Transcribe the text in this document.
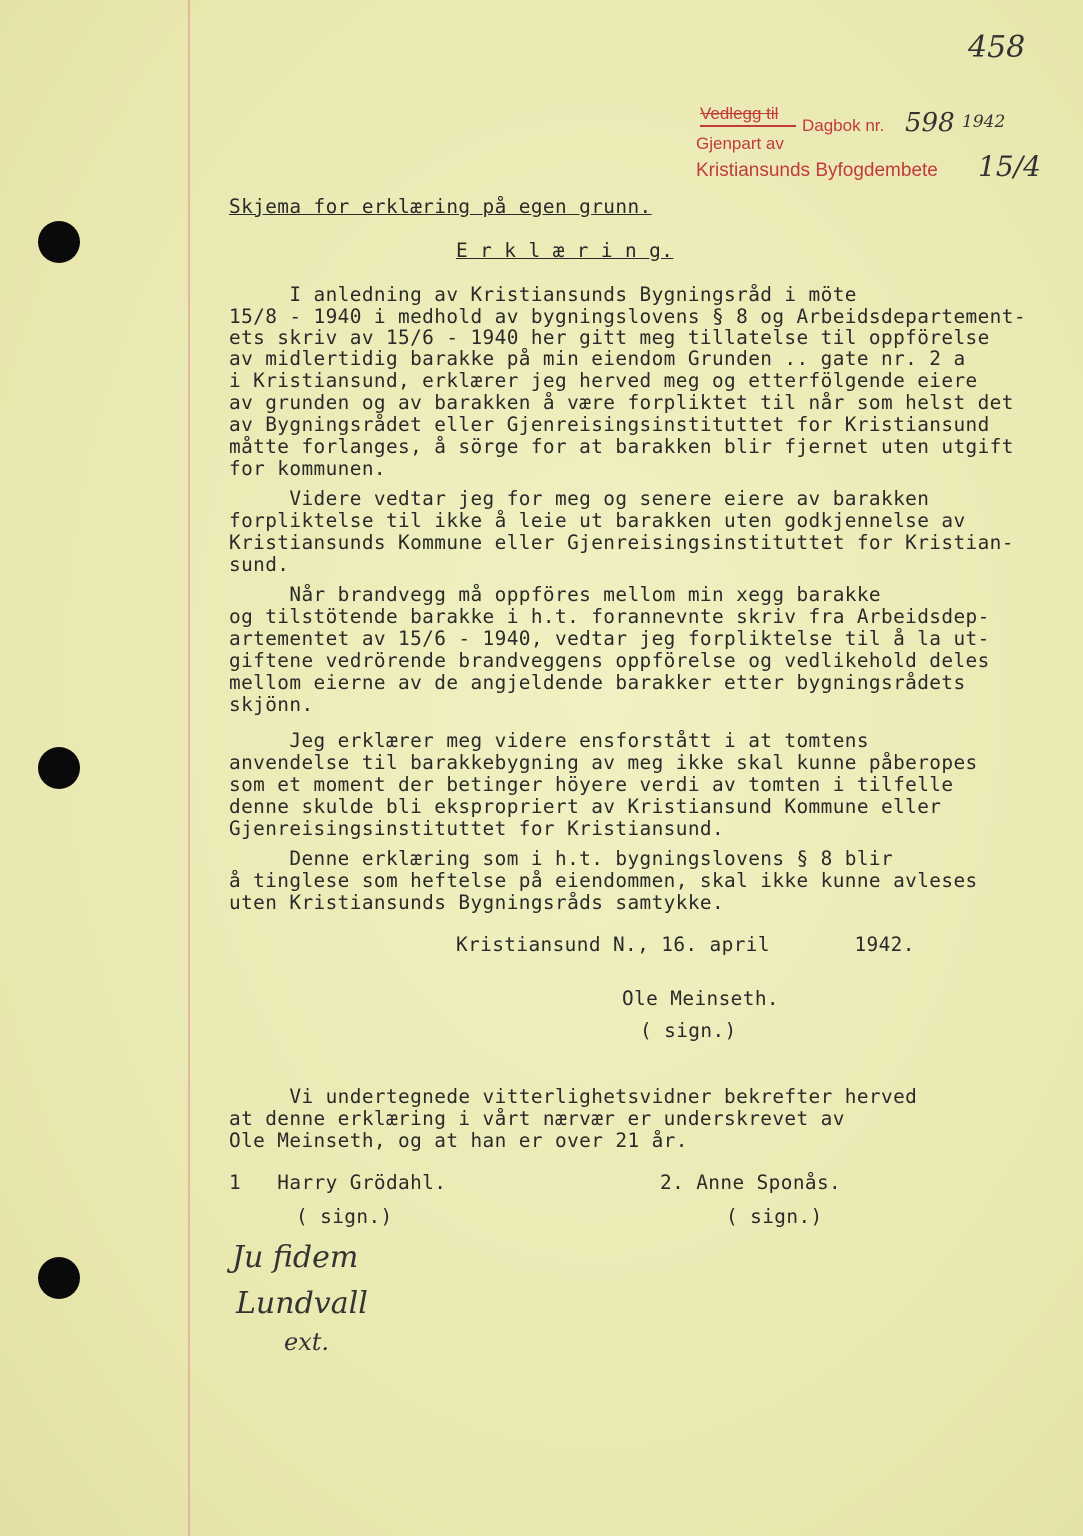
458
Vedlegg til
Gjenpart av
Dagbok nr. 598 1942
Kristiansunds Byfogdembete 15/4
Skjema for erklæring på egen grunn.
E r k l æ r i n g.
I anledning av Kristiansunds Bygningsråd i möte
15/8 - 1940 i medhold av bygningslovens § 8 og Arbeidsdepartement-
ets skriv av 15/6 - 1940 her gitt meg tillatelse til oppförelse
av midlertidig barakke på min eiendom Grunden .. gate nr. 2 a
i Kristiansund, erklærer jeg herved meg og etterfölgende eiere
av grunden og av barakken å være forpliktet til når som helst det
av Bygningsrådet eller Gjenreisingsinstituttet for Kristiansund
måtte forlanges, å sörge for at barakken blir fjernet uten utgift
for kommunen.
Videre vedtar jeg for meg og senere eiere av barakken
forpliktelse til ikke å leie ut barakken uten godkjennelse av
Kristiansunds Kommune eller Gjenreisingsinstituttet for Kristian-
sund.
Når brandvegg må oppföres mellom min xegg barakke
og tilstötende barakke i h.t. forannevnte skriv fra Arbeidsdep-
artementet av 15/6 - 1940, vedtar jeg forpliktelse til å la ut-
giftene vedrörende brandveggens oppförelse og vedlikehold deles
mellom eierne av de angjeldende barakker etter bygningsrådets
skjönn.
Jeg erklærer meg videre ensforstått i at tomtens
anvendelse til barakkebygning av meg ikke skal kunne påberopes
som et moment der betinger höyere verdi av tomten i tilfelle
denne skulde bli ekspropriert av Kristiansund Kommune eller
Gjenreisingsinstituttet for Kristiansund.
Denne erklæring som i h.t. bygningslovens § 8 blir
å tinglese som heftelse på eiendommen, skal ikke kunne avleses
uten Kristiansunds Bygningsråds samtykke.
Kristiansund N., 16. april       1942.
Ole Meinseth.
( sign.)
Vi undertegnede vitterlighetsvidner bekrefter herved
at denne erklæring i vårt nærvær er underskrevet av
Ole Meinseth, og at han er over 21 år.
1   Harry Grödahl.
( sign.)
2. Anne Sponås.
( sign.)
Ju fidem
Lundvall
ext.
